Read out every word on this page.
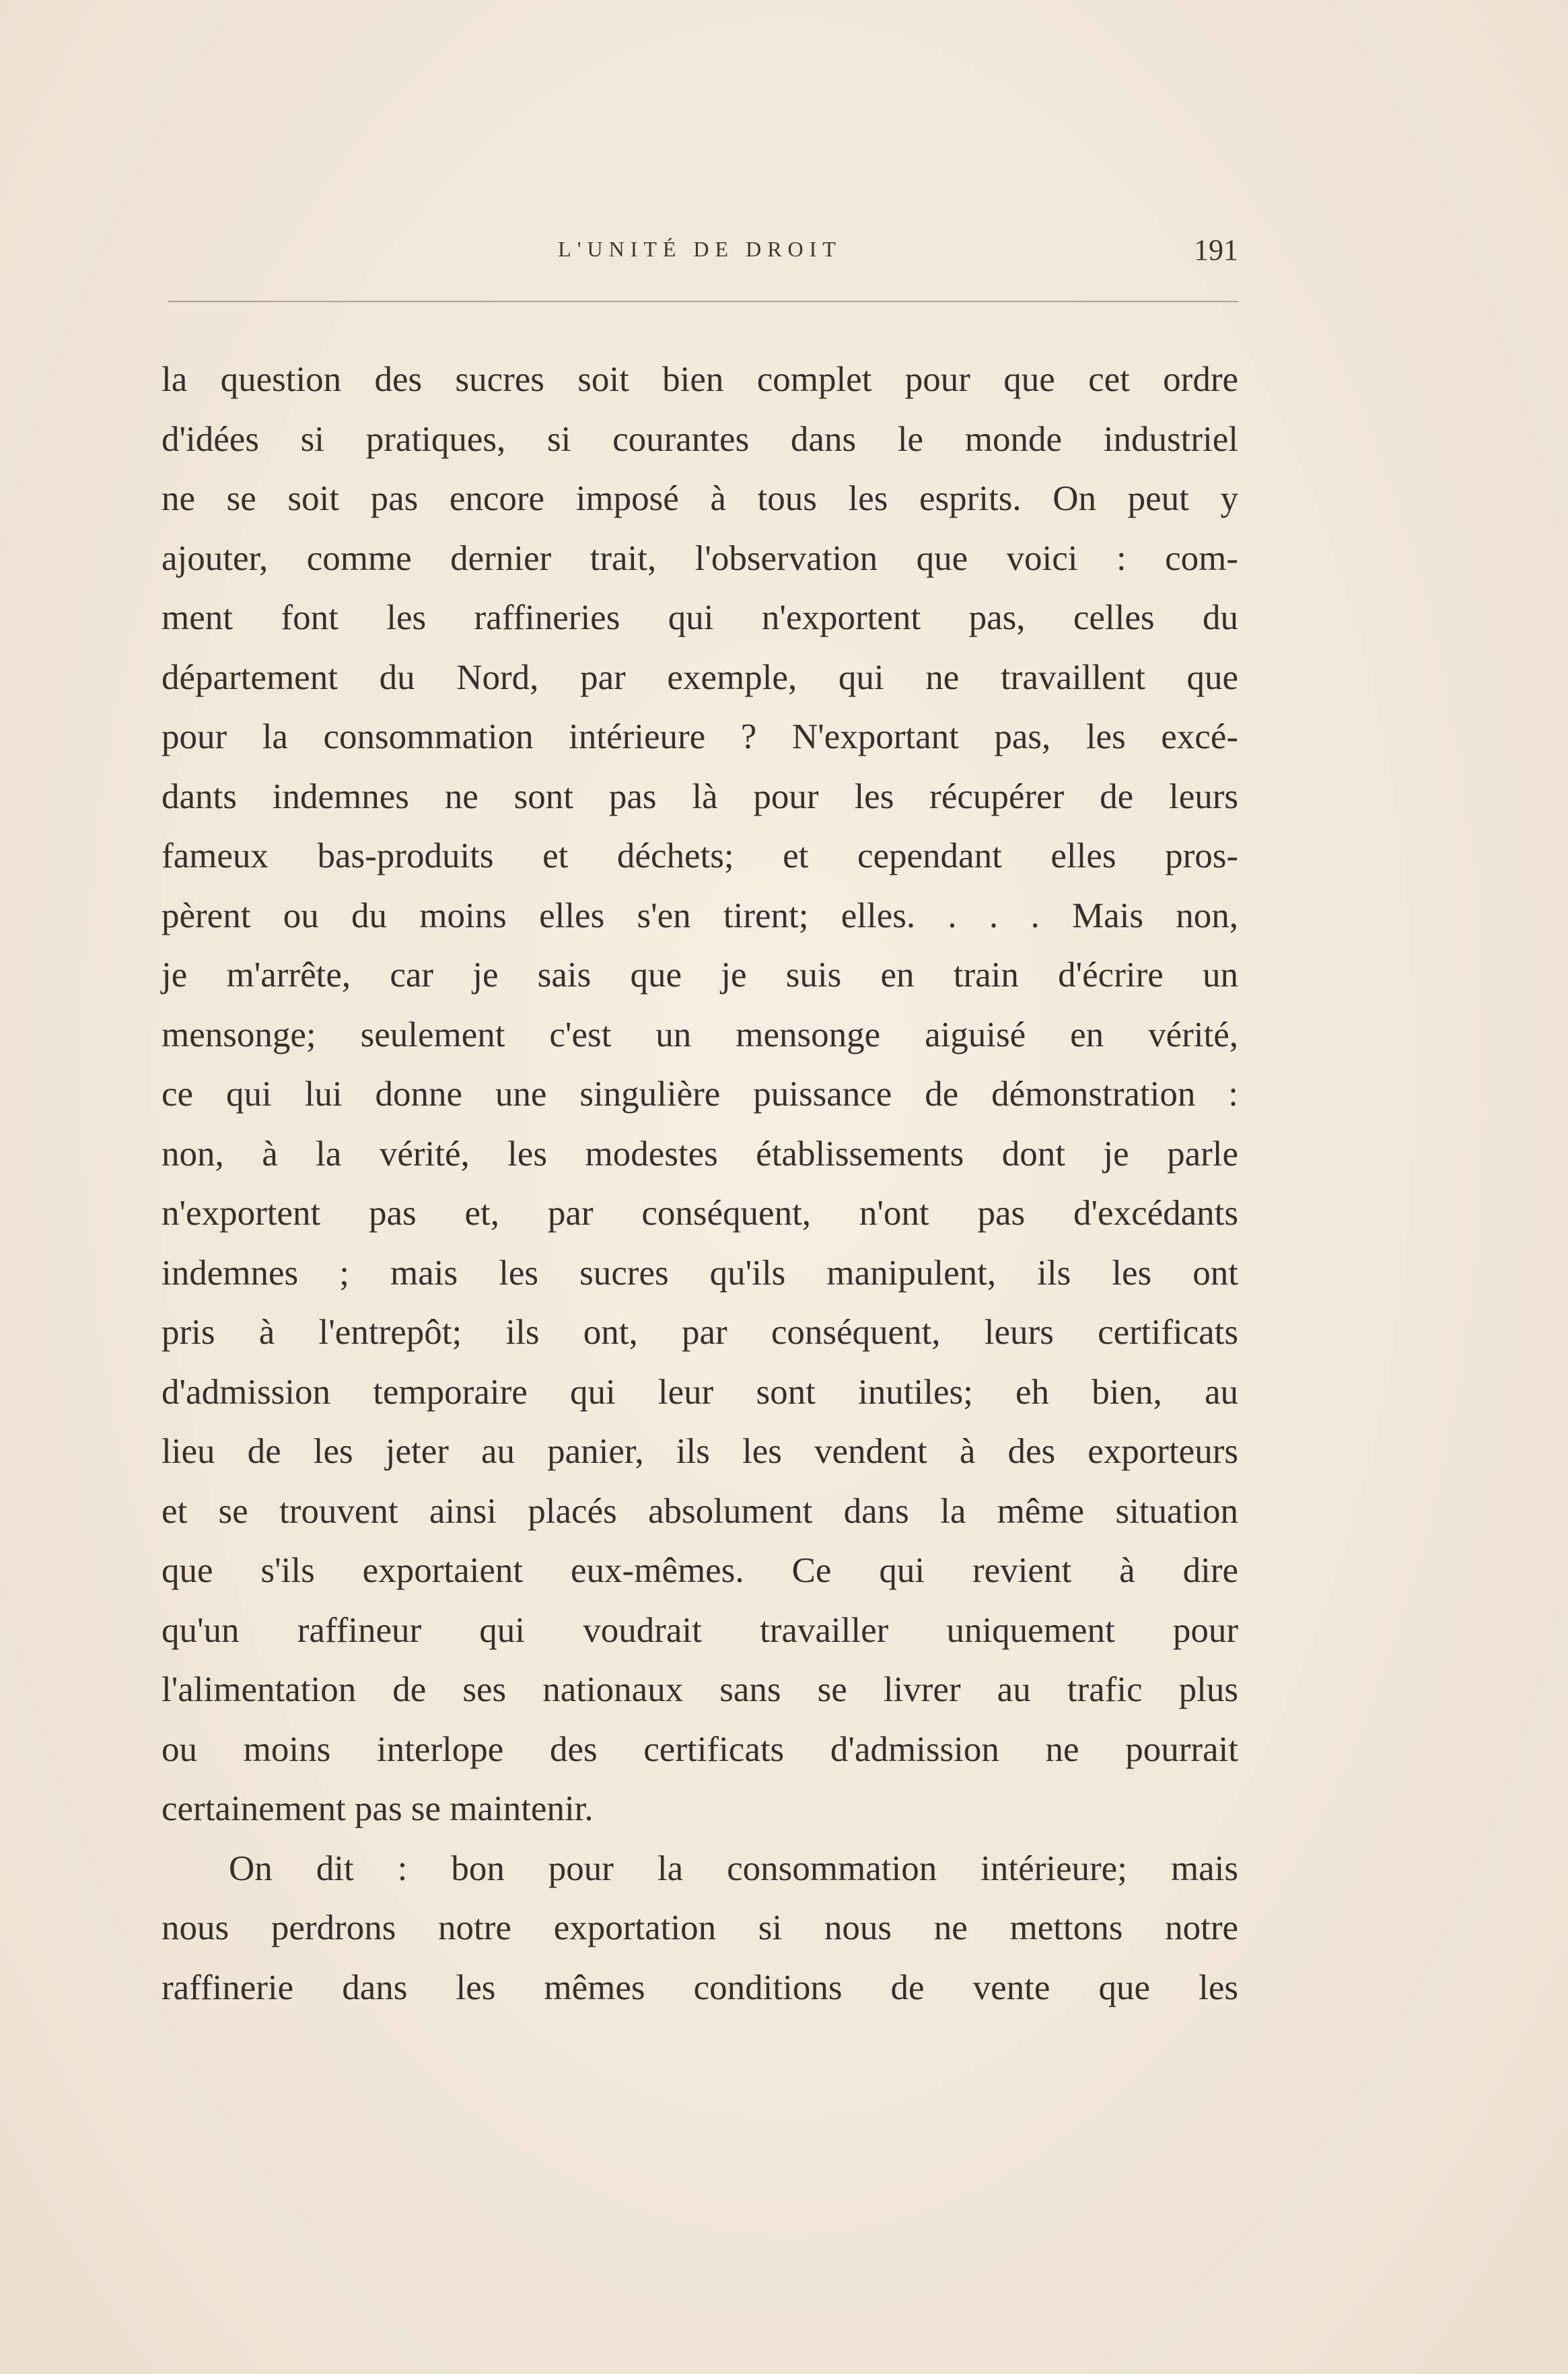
L'UNITÉ DE DROIT	191
la question des sucres soit bien complet pour que cet ordre
d'idées si pratiques, si courantes dans le monde industriel
ne se soit pas encore imposé à tous les esprits. On peut y
ajouter, comme dernier trait, l'observation que voici : com-
ment font les raffineries qui n'exportent pas, celles du
département du Nord, par exemple, qui ne travaillent que
pour la consommation intérieure ? N'exportant pas, les excé-
dants indemnes ne sont pas là pour les récupérer de leurs
fameux bas-produits et déchets; et cependant elles pros-
pèrent ou du moins elles s'en tirent; elles. . . . Mais non,
je m'arrête, car je sais que je suis en train d'écrire un
mensonge; seulement c'est un mensonge aiguisé en vérité,
ce qui lui donne une singulière puissance de démonstration :
non, à la vérité, les modestes établissements dont je parle
n'exportent pas et, par conséquent, n'ont pas d'excédants
indemnes ; mais les sucres qu'ils manipulent, ils les ont
pris à l'entrepôt; ils ont, par conséquent, leurs certificats
d'admission temporaire qui leur sont inutiles; eh bien, au
lieu de les jeter au panier, ils les vendent à des exporteurs
et se trouvent ainsi placés absolument dans la même situation
que s'ils exportaient eux-mêmes. Ce qui revient à dire
qu'un raffineur qui voudrait travailler uniquement pour
l'alimentation de ses nationaux sans se livrer au trafic plus
ou moins interlope des certificats d'admission ne pourrait
certainement pas se maintenir.
On dit : bon pour la consommation intérieure; mais
nous perdrons notre exportation si nous ne mettons notre
raffinerie dans les mêmes conditions de vente que les
